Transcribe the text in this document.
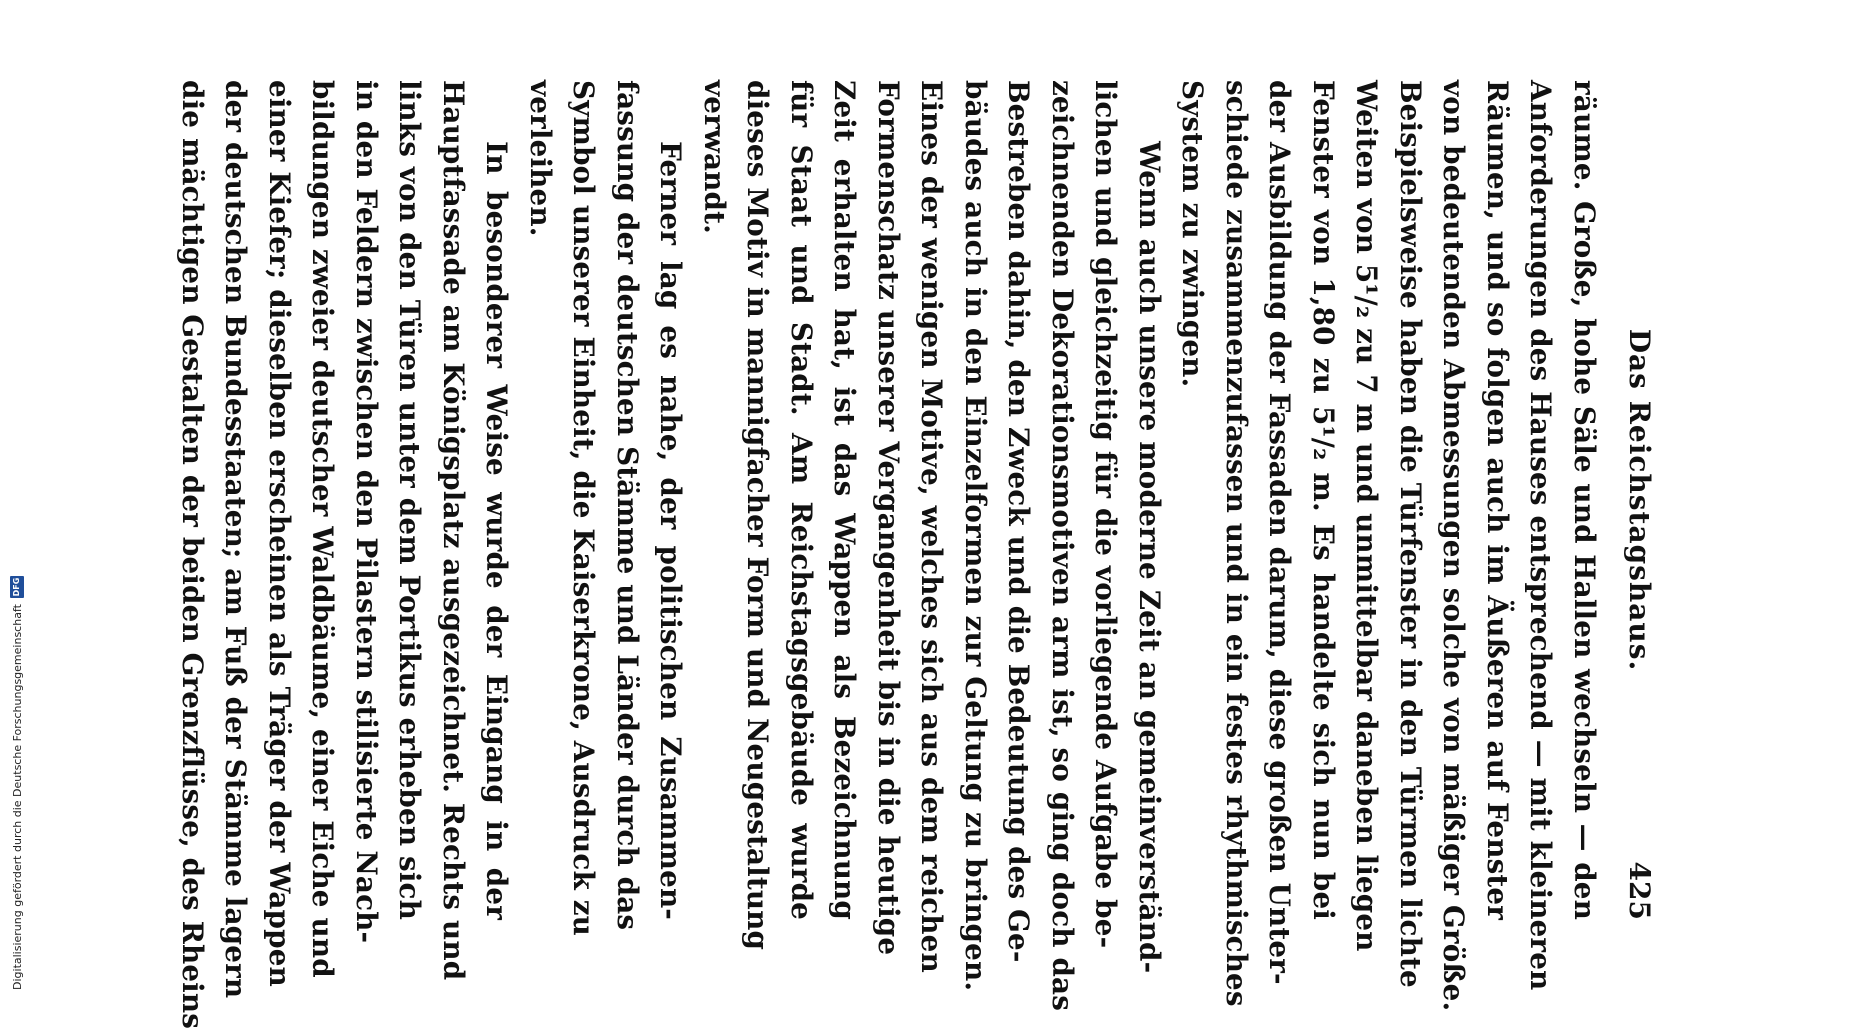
Das Reichstagshaus.
425

räume. Große, hohe Säle und Hallen wechseln — den
Anforderungen des Hauses entsprechend — mit kleineren
Räumen, und so folgen auch im Äußeren auf Fenster
von bedeutenden Abmessungen solche von mäßiger Größe.
Beispielsweise haben die Türfenster in den Türmen lichte
Weiten von 5¹/₂ zu 7 m und unmittelbar daneben liegen
Fenster von 1,80 zu 5¹/₂ m. Es handelte sich nun bei
der Ausbildung der Fassaden darum, diese großen Unter-
schiede zusammenzufassen und in ein festes rhythmisches
System zu zwingen.

Wenn auch unsere moderne Zeit an gemeinverständ-
lichen und gleichzeitig für die vorliegende Aufgabe be-
zeichnenden Dekorationsmotiven arm ist, so ging doch das
Bestreben dahin, den Zweck und die Bedeutung des Ge-
bäudes auch in den Einzelformen zur Geltung zu bringen.
Eines der wenigen Motive, welches sich aus dem reichen
Formenschatz unserer Vergangenheit bis in die heutige
Zeit erhalten hat, ist das Wappen als Bezeichnung
für Staat und Stadt. Am Reichstagsgebäude wurde
dieses Motiv in mannigfacher Form und Neugestaltung
verwandt.

Ferner lag es nahe, der politischen Zusammen-
fassung der deutschen Stämme und Länder durch das
Symbol unserer Einheit, die Kaiserkrone, Ausdruck zu
verleihen.

In besonderer Weise wurde der Eingang in der
Hauptfassade am Königsplatz ausgezeichnet. Rechts und
links von den Türen unter dem Portikus erheben sich
in den Feldern zwischen den Pilastern stilisierte Nach-
bildungen zweier deutscher Waldbäume, einer Eiche und
einer Kiefer; dieselben erscheinen als Träger der Wappen
der deutschen Bundesstaaten; am Fuß der Stämme lagern
die mächtigen Gestalten der beiden Grenzflüsse, des Rheins

Digitalisierung gefördert durch die Deutsche Forschungsgemeinschaft
DFG
